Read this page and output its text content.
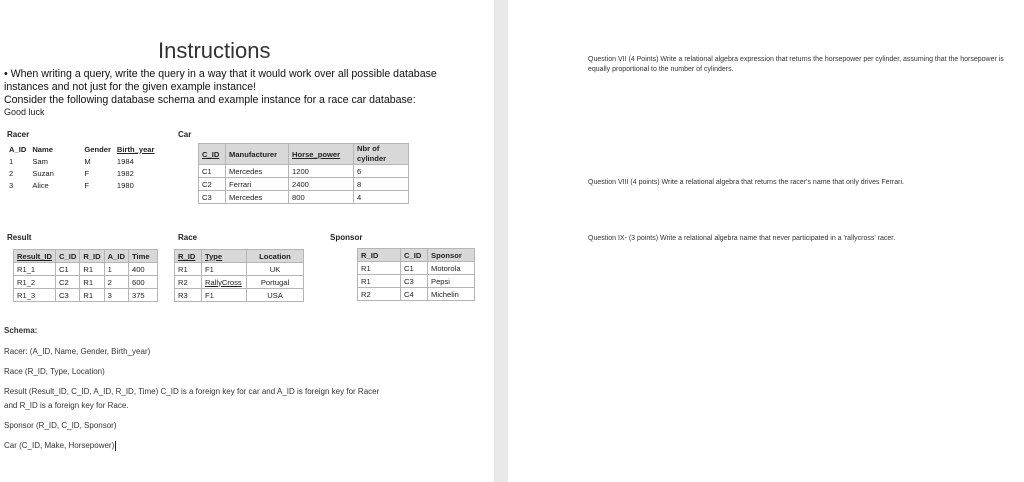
Instructions
• When writing a query, write the query in a way that it would work over all possible database instances and not just for the given example instance!
Consider the following database schema and example instance for a race car database:
Good luck
Racer
A_ID	Name	Gender	Birth_year
1	Sam	M	1984
2	Suzan	F	1982
3	Alice	F	1980
Car
C_ID	Manufacturer	Horse_power	Nbr of cylinder
C1	Mercedes	1200	6
C2	Ferrari	2400	8
C3	Mercedes	800	4
Result
Result_ID	C_ID	R_ID	A_ID	Time
R1_1	C1	R1	1	400
R1_2	C2	R1	2	600
R1_3	C3	R1	3	375
Race
R_ID	Type	Location
R1	F1	UK
R2	RallyCross	Portugal
R3	F1	USA
Sponsor
R_ID	C_ID	Sponsor
R1	C1	Motorola
R1	C3	Pepsi
R2	C4	Michelin
Schema:
Racer: (A_ID, Name, Gender, Birth_year)
Race (R_ID, Type, Location)
Result (Result_ID, C_ID, A_ID, R_ID, Time) C_ID is a foreign key for car and A_ID is foreign key for Racer
and R_ID is a foreign key for Race.
Sponsor (R_ID, C_ID, Sponsor)
Car (C_ID, Make, Horsepower)
Question VII (4 Points) Write a relational algebra expression that returns the horsepower per cylinder, assuming that the horsepower is equally proportional to the number of cylinders.
Question VIII (4 points) Write a relational algebra that returns the racer's name that only drives Ferrari.
Question IX- (3 points) Write a relational algebra name that never participated in a 'rallycross' racer.
